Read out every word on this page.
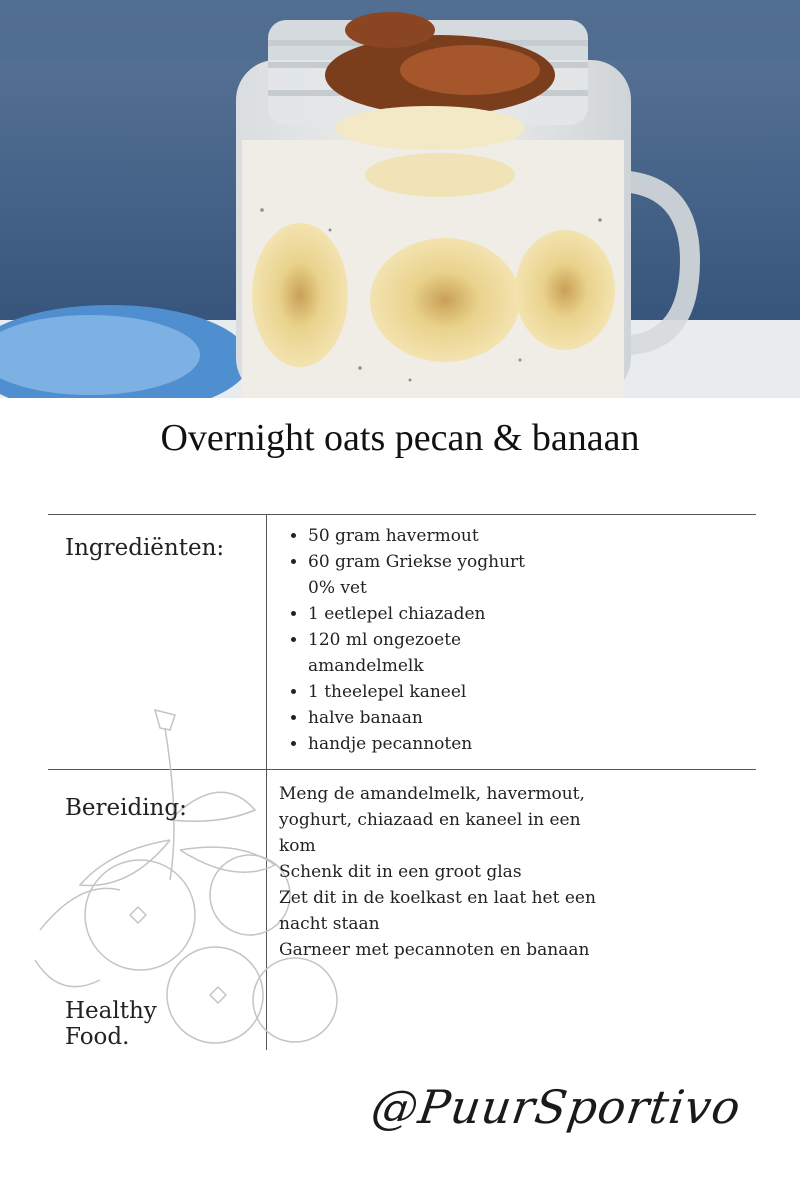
Overnight oats pecan & banaan
Ingrediënten:
•	50 gram havermout
• 60 gram Griekse yoghurt 0% vet
• 1 eetlepel chiazaden
• 120 ml ongezoete amandelmelk
• 1 theelepel kaneel
• halve banaan
• handje pecannoten
Bereiding:
Meng de amandelmelk, havermout, yoghurt, chiazaad en kaneel in een kom
Schenk dit in een groot glas
Zet dit in de koelkast en laat het een nacht staan
Garneer met pecannoten en banaan
Healthy Food.
@PuurSportivo
